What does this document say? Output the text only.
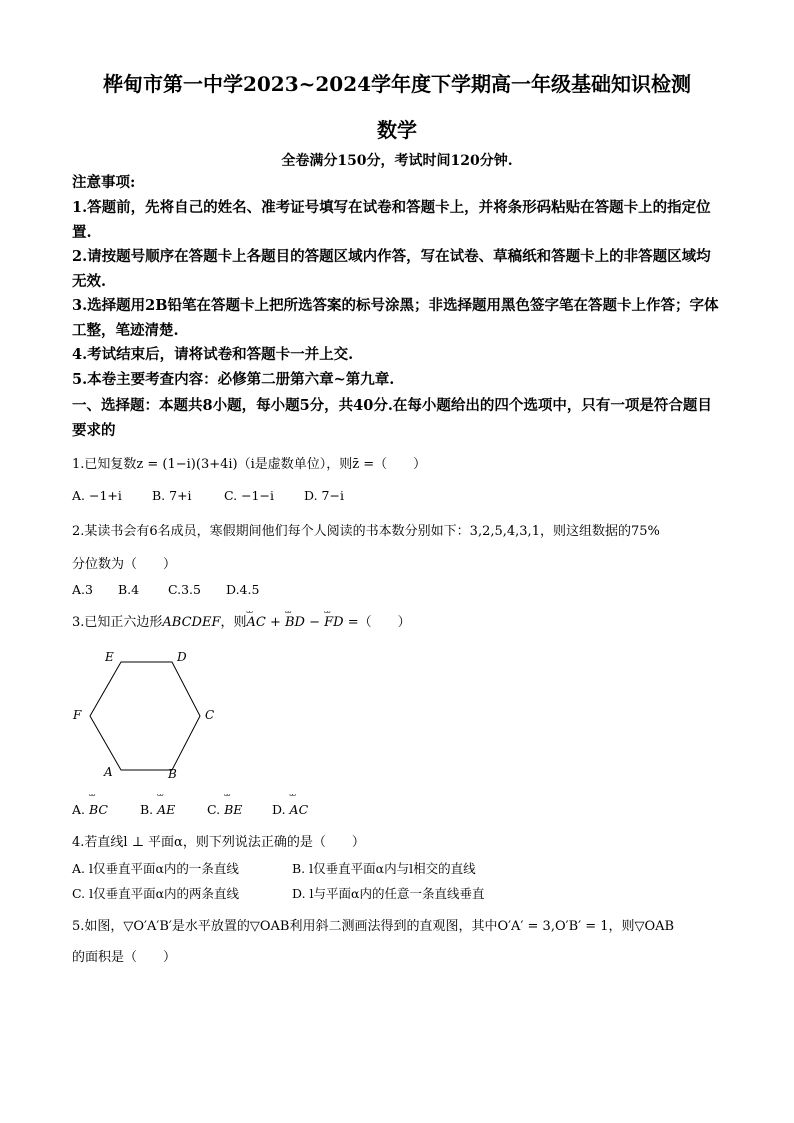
桦甸市第一中学2023~2024学年度下学期高一年级基础知识检测
数学
全卷满分150分，考试时间120分钟.
注意事项:
1.答题前，先将自己的姓名、准考证号填写在试卷和答题卡上，并将条形码粘贴在答题卡上的指定位置.
2.请按题号顺序在答题卡上各题目的答题区域内作答，写在试卷、草稿纸和答题卡上的非答题区域均无效.
3.选择题用2B铅笔在答题卡上把所选答案的标号涂黑；非选择题用黑色签字笔在答题卡上作答；字体工整，笔迹清楚.
4.考试结束后，请将试卷和答题卡一并上交.
5.本卷主要考查内容：必修第二册第六章~第九章.
一、选择题：本题共8小题，每小题5分，共40分.在每小题给出的四个选项中，只有一项是符合题目要求的
1.已知复数z = (1−i)(3+4i)（i是虚数单位），则z̄ =（　　）
A. −1+i B. 7+i	C. −1−i D. 7−i
2.某读书会有6名成员，寒假期间他们每个人阅读的书本数分别如下：3,2,5,4,3,1，则这组数据的75%
分位数为（　　）
A.3 B.4 C.3.5 D.4.5
3.已知正六边形ABCDEF，则ⵯⵯ AC + ⵯⵯ BD − ⵯⵯ FD =（　　）
A	B
C
D
E
F
A. ⵯⵯ BC	B. ⵯⵯ AE	C. ⵯⵯ BE D. ⵯⵯ AC
4.若直线l ⊥ 平面α，则下列说法正确的是（　　）
A. l仅垂直平面α内的一条直线	B. l仅垂直平面α内与l相交的直线
C. l仅垂直平面α内的两条直线	D. l与平面α内的任意一条直线垂直
5.如图，▽O′A′B′是水平放置的▽OAB利用斜二测画法得到的直观图，其中O′A′ = 3,O′B′ = 1，则▽OAB
的面积是（　　）
